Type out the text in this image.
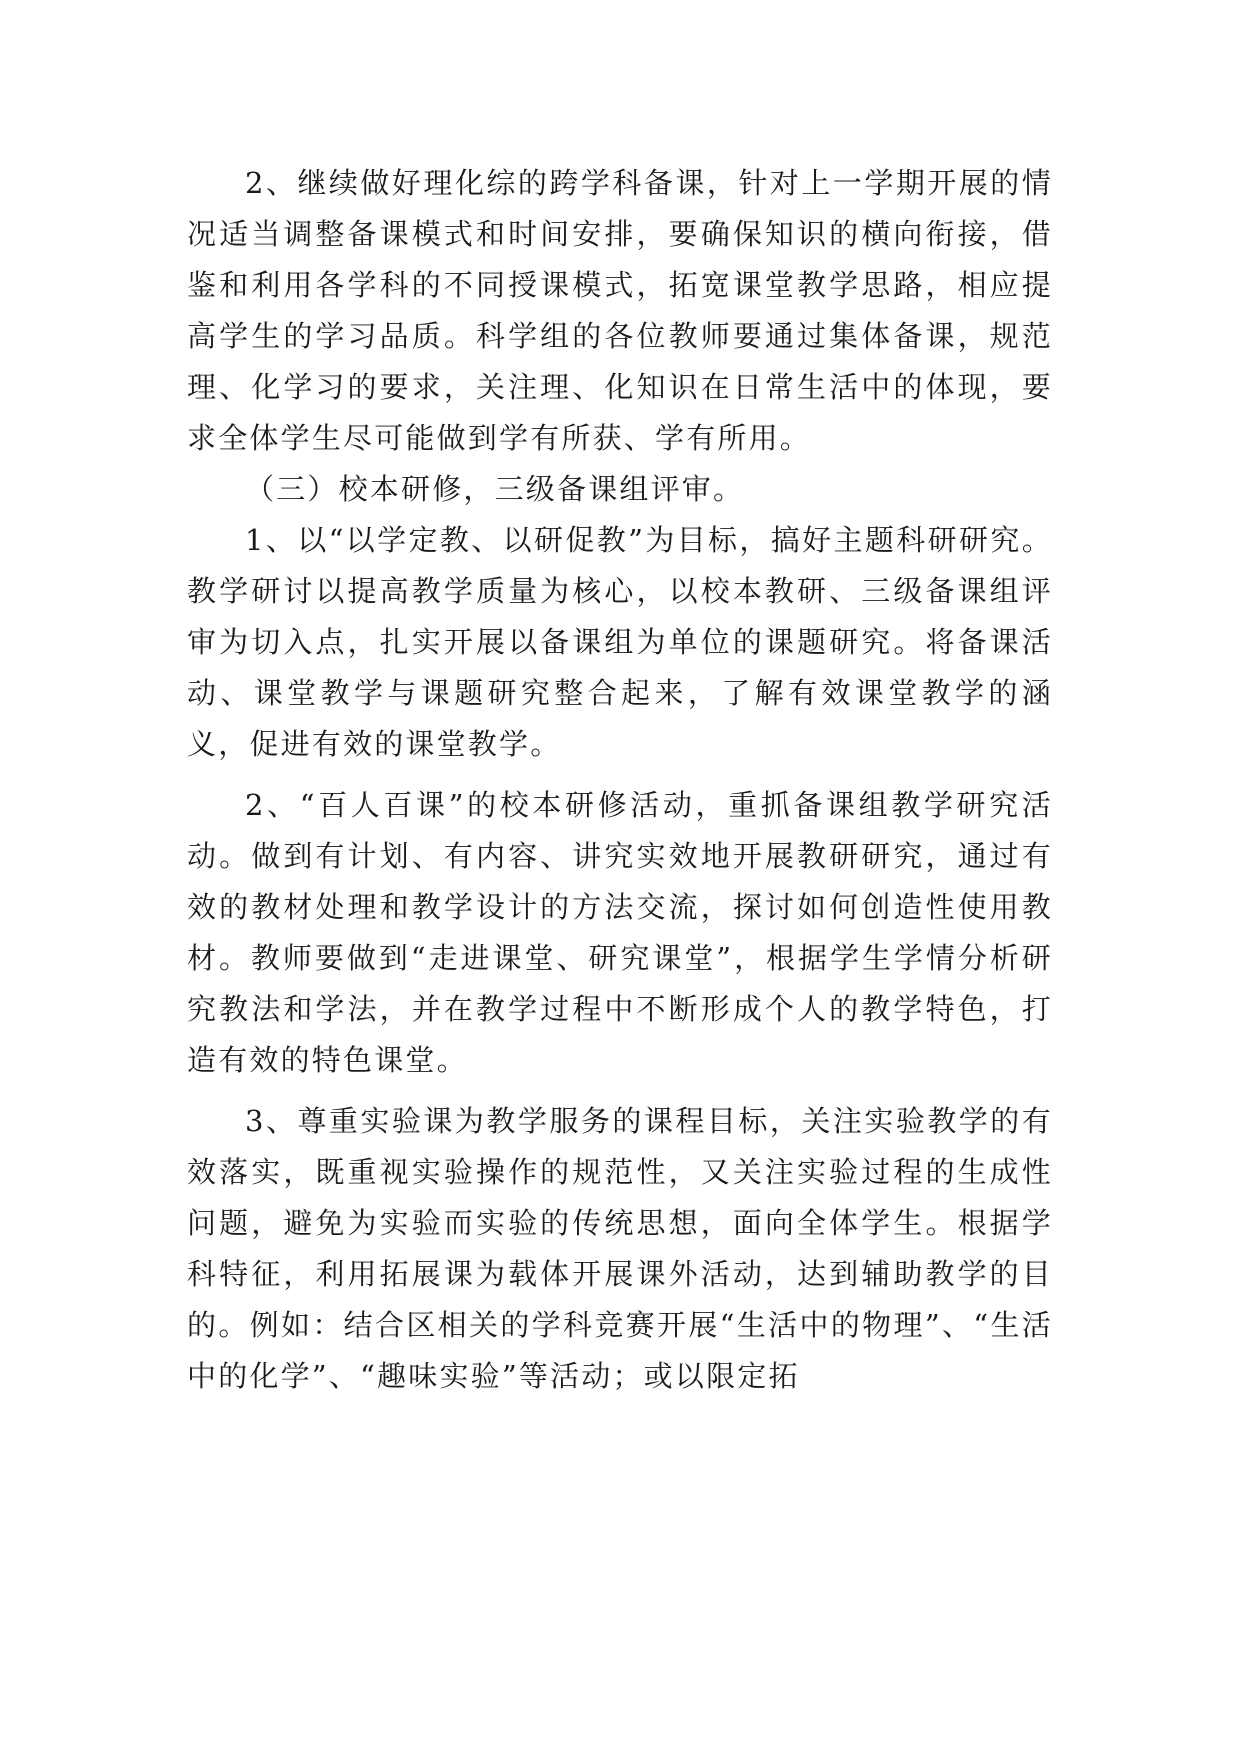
2、继续做好理化综的跨学科备课，针对上一学期开展的情况适当调整备课模式和时间安排，要确保知识的横向衔接，借鉴和利用各学科的不同授课模式，拓宽课堂教学思路，相应提高学生的学习品质。科学组的各位教师要通过集体备课，规范理、化学习的要求，关注理、化知识在日常生活中的体现，要求全体学生尽可能做到学有所获、学有所用。

（三）校本研修，三级备课组评审。

1、以“以学定教、以研促教”为目标，搞好主题科研研究。教学研讨以提高教学质量为核心，以校本教研、三级备课组评审为切入点，扎实开展以备课组为单位的课题研究。将备课活动、课堂教学与课题研究整合起来，了解有效课堂教学的涵义，促进有效的课堂教学。

2、“百人百课”的校本研修活动，重抓备课组教学研究活动。做到有计划、有内容、讲究实效地开展教研研究，通过有效的教材处理和教学设计的方法交流，探讨如何创造性使用教材。教师要做到“走进课堂、研究课堂”，根据学生学情分析研究教法和学法，并在教学过程中不断形成个人的教学特色，打造有效的特色课堂。

3、尊重实验课为教学服务的课程目标，关注实验教学的有效落实，既重视实验操作的规范性，又关注实验过程的生成性问题，避免为实验而实验的传统思想，面向全体学生。根据学科特征，利用拓展课为载体开展课外活动，达到辅助教学的目的。例如：结合区相关的学科竞赛开展“生活中的物理”、“生活中的化学”、“趣味实验”等活动；或以限定拓
